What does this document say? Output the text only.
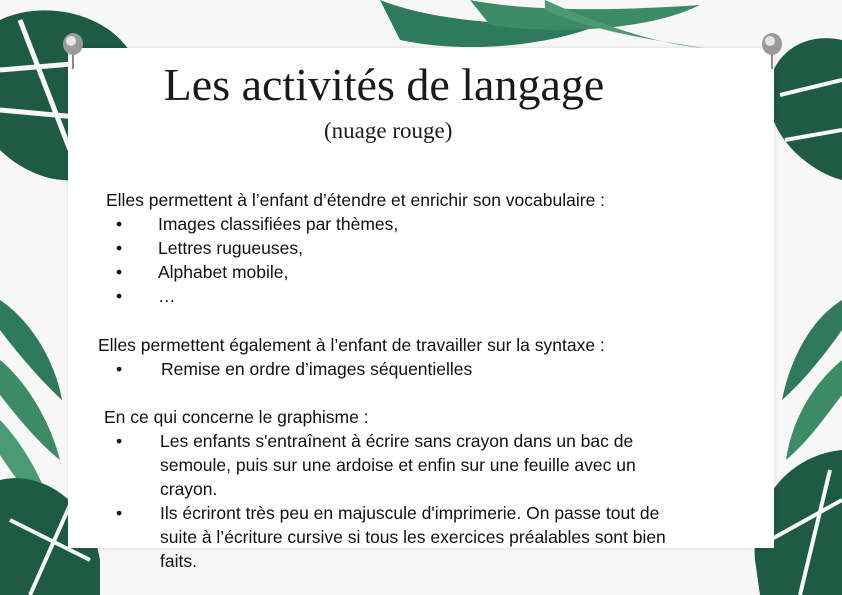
Les activités de langage
(nuage rouge)

Elles permettent à l’enfant d’étendre et enrichir son vocabulaire :

• Images classifiées par thèmes,
• Lettres rugueuses,
• Alphabet mobile,
• …

Elles permettent également à l’enfant de travailler sur la syntaxe :

• Remise en ordre d’images séquentielles

En ce qui concerne le graphisme :

• Les enfants s'entraînent à écrire sans crayon dans un bac de
semoule, puis sur une ardoise et enfin sur une feuille avec un
crayon.
• Ils écriront très peu en majuscule d'imprimerie. On passe tout de
suite à l’écriture cursive si tous les exercices préalables sont bien
faits.
